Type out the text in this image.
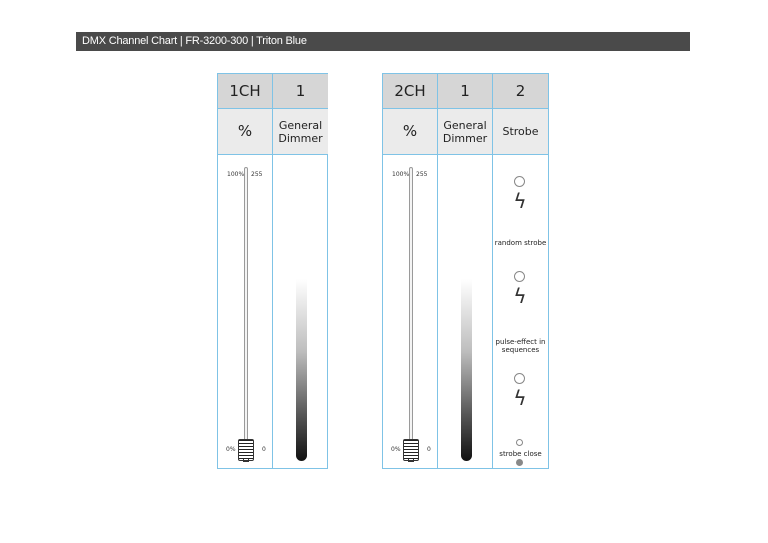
DMX Channel Chart | FR-3200-300 | Triton Blue
1CH
%
100% 255
0%	0
1
General Dimmer
2CH
%
100% 255
0%	0
1
General Dimmer
2
Strobe
ϟ
random strobe
ϟ
pulse-effect in sequences
ϟ
strobe close
